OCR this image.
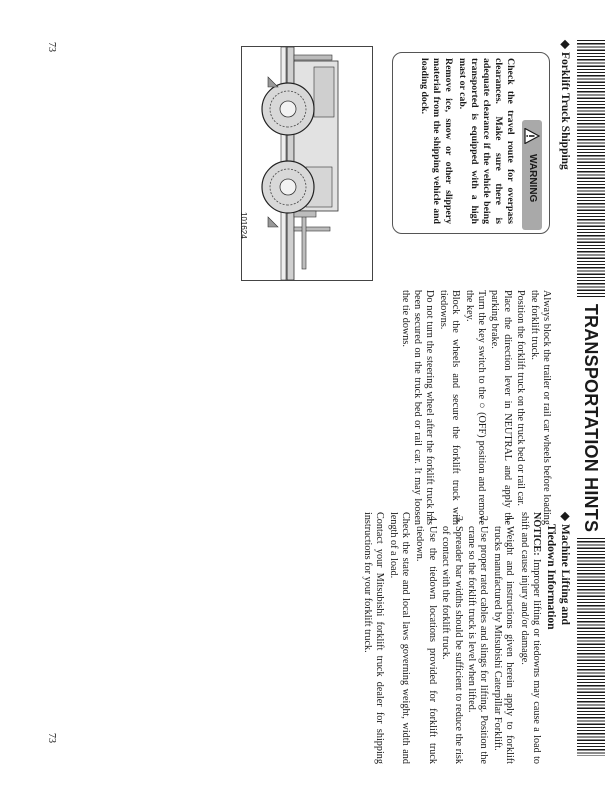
73
73
TRANSPORTATION HINTS
◆Forklift Truck Shipping
WARNING

Check the travel route for overpass clearances. Make sure there is adequate clearance if the vehicle being transported is equipped with a high mast or cab.

Remove ice, snow or other slippery material from the shipping vehicle and loading dock.

101624

Always block the trailer or rail car wheels before loading the forklift truck.

Position the forklift truck on the truck bed or rail car.

Place the direction lever in NEUTRAL and apply the parking brake.

Turn the key switch to the ○ (OFF) position and remove the key.

Block the wheels and secure the forklift truck with tiedowns.

Do not turn the steering wheel after the forklift truck has been secured on the truck bed or rail car. It may loosen the tie downs.

◆Machine Lifting and
Tiedown Information

NOTICE: Improper lifting or tiedowns may cause a load to shift and cause injury and/or damage.

1. Weight and instructions given herein apply to forklift trucks manufactured by Mitsubishi Caterpillar Forklift.
2. Use proper rated cables and slings for lifting. Position the crane so the forklift truck is level when lifted.
3. Spreader bar widths should be sufficient to reduce the risk of contact with the forklift truck.
4. Use the tiedown locations provided for forklift truck tiedown.

Check the state and local laws governing weight, width and length of a load.

Contact your Mitsubishi forklift truck dealer for shipping instructions for your forklift truck.
